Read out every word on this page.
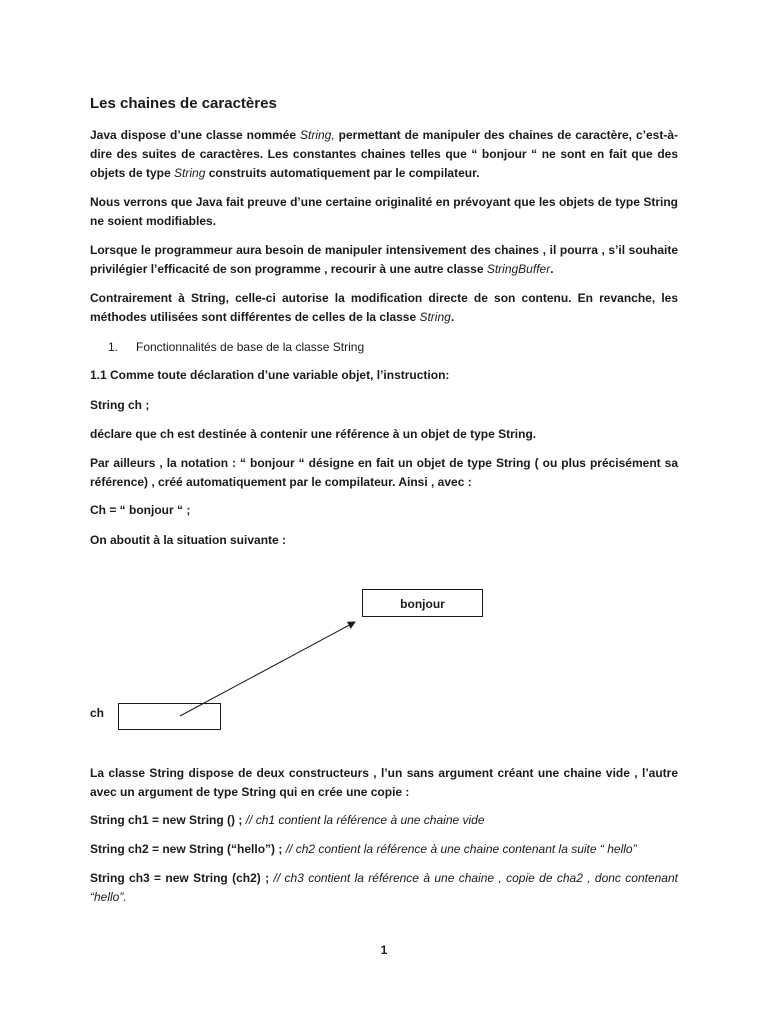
Les chaines de caractères

Java dispose d’une classe nommée String, permettant de manipuler des chaines de caractère, c’est-à-dire des suites de caractères. Les constantes chaines telles que “ bonjour “ ne sont en fait que des objets de type String construits automatiquement par le compilateur.

Nous verrons que Java fait preuve d’une certaine originalité en prévoyant que les objets de type String ne soient modifiables.

Lorsque le programmeur aura besoin de manipuler intensivement des chaines , il pourra , s’il souhaite privilégier l’efficacité de son programme , recourir à une autre classe StringBuffer.

Contrairement à String, celle-ci autorise la modification directe de son contenu. En revanche, les méthodes utilisées sont différentes de celles de la classe String.

1. Fonctionnalités de base de la classe String

1.1 Comme toute déclaration d’une variable objet, l’instruction:

String ch ;

déclare que ch est destinée à contenir une référence à un objet de type String.

Par ailleurs , la notation : “ bonjour “ désigne en fait un objet de type String ( ou plus précisément sa référence) , créé automatiquement par le compilateur. Ainsi , avec :

Ch = “ bonjour “ ;

On aboutit à la situation suivante :

bonjour
ch

La classe String dispose de deux constructeurs , l’un sans argument créant une chaine vide , l’autre avec un argument de type String qui en crée une copie :

String ch1 = new String () ; // ch1 contient la référence à une chaine vide

String ch2 = new String (“hello”) ; // ch2 contient la référence à une chaine contenant la suite “ hello”

String ch3 = new String (ch2) ; // ch3 contient la référence à une chaine , copie de cha2 , donc contenant “hello”.

1
